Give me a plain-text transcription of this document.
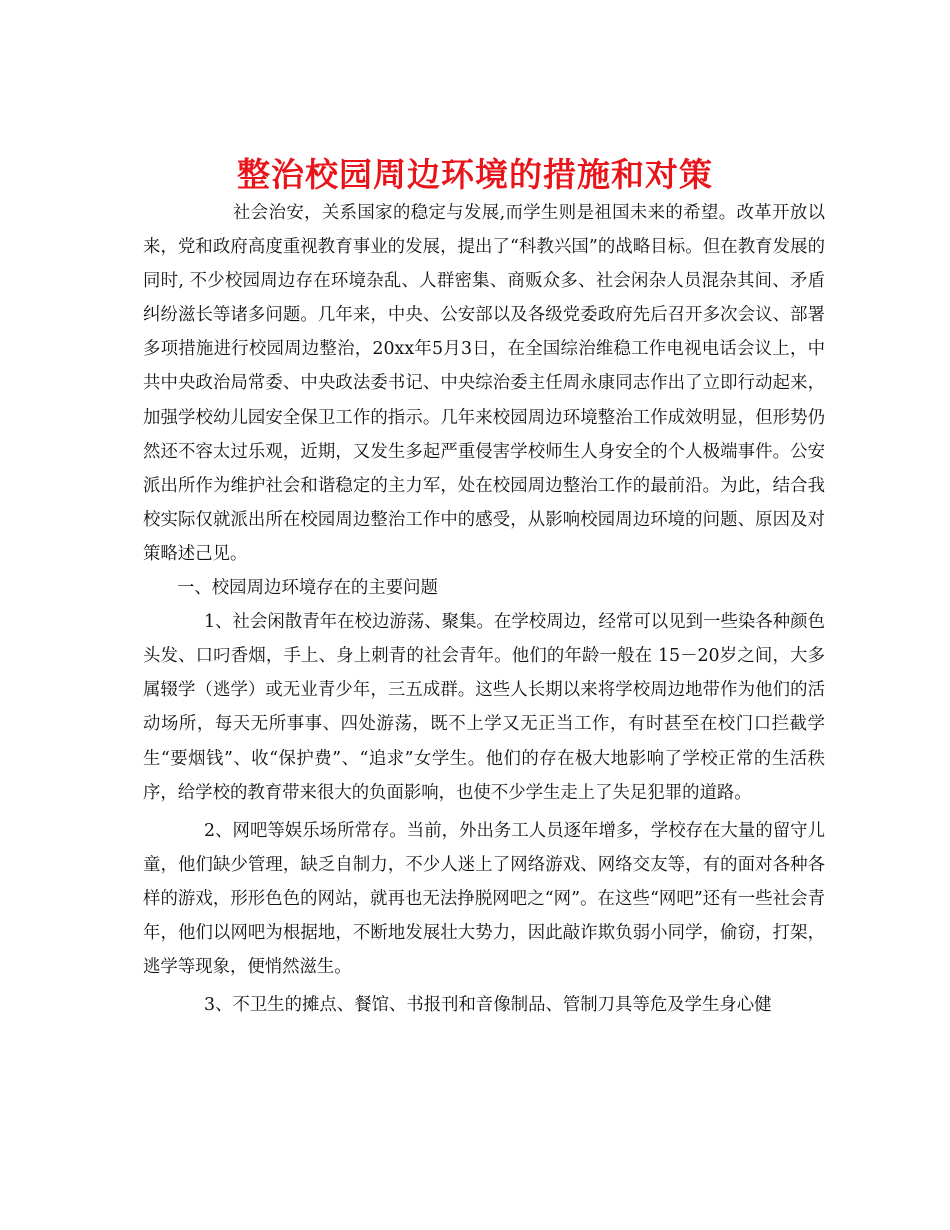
整治校园周边环境的措施和对策

社会治安，关系国家的稳定与发展,而学生则是祖国未来的希望。改革开放以来，党和政府高度重视教育事业的发展，提出了“科教兴国”的战略目标。但在教育发展的同时, 不少校园周边存在环境杂乱、人群密集、商贩众多、社会闲杂人员混杂其间、矛盾纠纷滋长等诸多问题。几年来，中央、公安部以及各级党委政府先后召开多次会议、部署多项措施进行校园周边整治，20xx年5月3日，在全国综治维稳工作电视电话会议上，中共中央政治局常委、中央政法委书记、中央综治委主任周永康同志作出了立即行动起来，加强学校幼儿园安全保卫工作的指示。几年来校园周边环境整治工作成效明显，但形势仍然还不容太过乐观，近期，又发生多起严重侵害学校师生人身安全的个人极端事件。公安派出所作为维护社会和谐稳定的主力军，处在校园周边整治工作的最前沿。为此，结合我校实际仅就派出所在校园周边整治工作中的感受，从影响校园周边环境的问题、原因及对策略述己见。

一、校园周边环境存在的主要问题

1、社会闲散青年在校边游荡、聚集。在学校周边，经常可以见到一些染各种颜色头发、口叼香烟，手上、身上刺青的社会青年。他们的年龄一般在 15－20岁之间，大多属辍学（逃学）或无业青少年，三五成群。这些人长期以来将学校周边地带作为他们的活动场所，每天无所事事、四处游荡，既不上学又无正当工作，有时甚至在校门口拦截学生“要烟钱”、收“保护费”、“追求”女学生。他们的存在极大地影响了学校正常的生活秩序，给学校的教育带来很大的负面影响，也使不少学生走上了失足犯罪的道路。

2、网吧等娱乐场所常存。当前，外出务工人员逐年增多，学校存在大量的留守儿童，他们缺少管理，缺乏自制力，不少人迷上了网络游戏、网络交友等，有的面对各种各样的游戏，形形色色的网站，就再也无法挣脱网吧之“网”。在这些“网吧”还有一些社会青年，他们以网吧为根据地，不断地发展壮大势力，因此敲诈欺负弱小同学，偷窃，打架，逃学等现象，便悄然滋生。

3、不卫生的摊点、餐馆、书报刊和音像制品、管制刀具等危及学生身心健
